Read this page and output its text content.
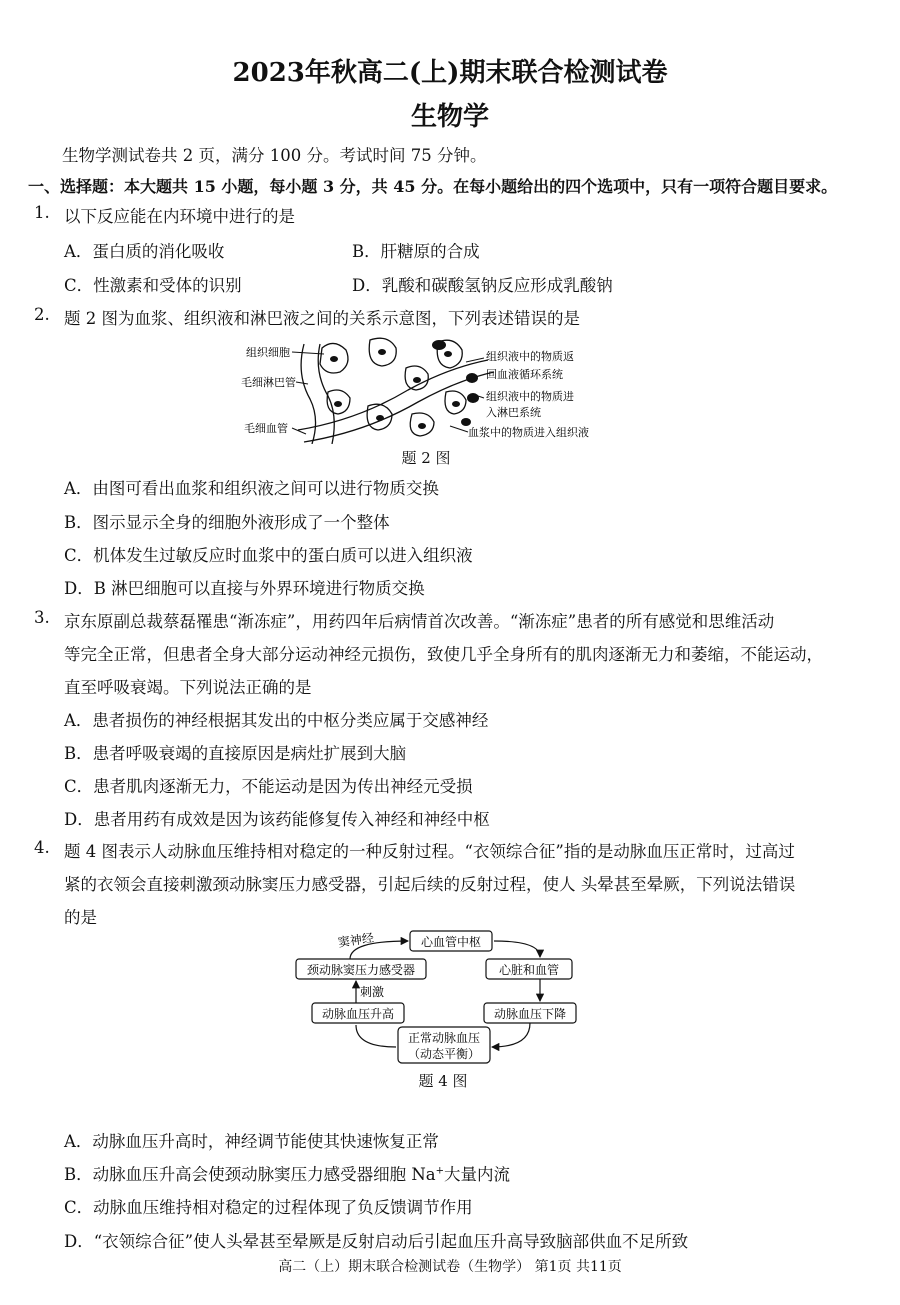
2023年秋高二(上)期末联合检测试卷
生物学
生物学测试卷共 2 页，满分 100 分。考试时间 75 分钟。
一、选择题：本大题共 15 小题，每小题 3 分，共 45 分。在每小题给出的四个选项中，只有一项符合题目要求。
1. 以下反应能在内环境中进行的是
A．蛋白质的消化吸收	B．肝糖原的合成
C．性激素和受体的识别	D．乳酸和碳酸氢钠反应形成乳酸钠
2. 题 2 图为血浆、组织液和淋巴液之间的关系示意图，下列表述错误的是
组织细胞
毛细淋巴管
毛细血管
组织液中的物质返
回血液循环系统
组织液中的物质进
入淋巴系统
血浆中的物质进入组织液
题 2 图
A．由图可看出血浆和组织液之间可以进行物质交换
B．图示显示全身的细胞外液形成了一个整体
C．机体发生过敏反应时血浆中的蛋白质可以进入组织液
D．B 淋巴细胞可以直接与外界环境进行物质交换
3. 京东原副总裁蔡磊罹患“渐冻症”，用药四年后病情首次改善。“渐冻症”患者的所有感觉和思维活动
等完全正常，但患者全身大部分运动神经元损伤，致使几乎全身所有的肌肉逐渐无力和萎缩，不能运动，
直至呼吸衰竭。下列说法正确的是
A．患者损伤的神经根据其发出的中枢分类应属于交感神经
B．患者呼吸衰竭的直接原因是病灶扩展到大脑
C．患者肌肉逐渐无力，不能运动是因为传出神经元受损
D．患者用药有成效是因为该药能修复传入神经和神经中枢
4. 题 4 图表示人动脉血压维持相对稳定的一种反射过程。“衣领综合征”指的是动脉血压正常时，过高过
紧的衣领会直接刺激颈动脉窦压力感受器，引起后续的反射过程，使人 头晕甚至晕厥，下列说法错误
的是
窦神经	心血管中枢
颈动脉窦压力感受器	心脏和血管
刺激
动脉血压升高	动脉血压下降
正常动脉血压
（动态平衡）
题 4 图
A．动脉血压升高时，神经调节能使其快速恢复正常
B．动脉血压升高会使颈动脉窦压力感受器细胞 Na+大量内流
C．动脉血压维持相对稳定的过程体现了负反馈调节作用
D．“衣领综合征”使人头晕甚至晕厥是反射启动后引起血压升高导致脑部供血不足所致
高二（上）期末联合检测试卷（生物学） 第1页 共11页
